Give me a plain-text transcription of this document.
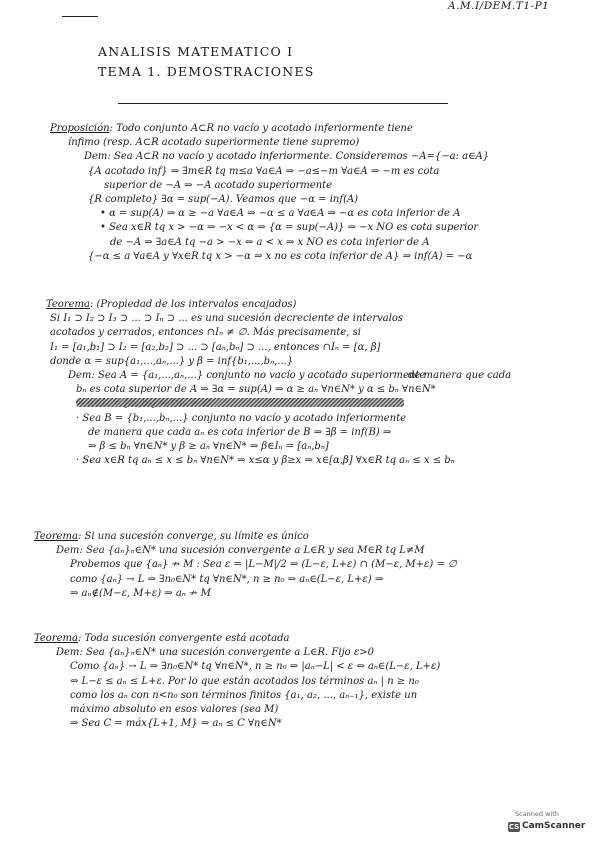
A.M.I/DEM.T1-P1
ANALISIS MATEMATICO I
TEMA 1. DEMOSTRACIONES
Proposición: Todo conjunto A⊂R no vacío y acotado inferiormente tiene
ínfimo (resp. A⊂R acotado superiormente tiene supremo)
Dem: Sea A⊂R no vacío y acotado inferiormente. Consideremos −A={−a: a∈A}
{A acotado inf} ⇒ ∃m∈R tq m≤a ∀a∈A ⇒ −a≤−m ∀a∈A ⇒ −m es cota
superior de −A ⇒ −A acotado superiormente
{R completo} ∃α = sup(−A). Veamos que −α = inf(A)
• α = sup(A) ⇒ α ≥ −a ∀a∈A ⇒ −α ≤ a ∀a∈A ⇒ −α es cota inferior de A
• Sea x∈R tq x > −α ⇒ −x < α ⇒ {α = sup(−A)} ⇒ −x NO es cota superior
de −A ⇒ ∃a∈A tq −a > −x ⇔ a < x ⇒ x NO es cota inferior de A
{−α ≤ a ∀a∈A y ∀x∈R tq x > −α ⇒ x no es cota inferior de A} ⇒ inf(A) = −α
Teorema: (Propiedad de los intervalos encajados)
Si I₁ ⊃ I₂ ⊃ I₃ ⊃ ... ⊃ Iₙ ⊃ ... es una sucesión decreciente de intervalos
acotados y cerrados, entonces ∩Iₙ ≠ ∅. Más precisamente, si
I₁ = [a₁,b₁] ⊃ I₂ = [a₂,b₂] ⊃ ... ⊃ [aₙ,bₙ] ⊃ ..., entonces ∩Iₙ = [α, β]
donde α = sup{a₁,...,aₙ,...} y β = inf{b₁,...,bₙ,...}
Dem: Sea A = {a₁,...,aₙ,...} conjunto no vacío y acotado superiormente
de manera que cada
bₙ es cota superior de A ⇒ ∃α = sup(A) ⇒ α ≥ aₙ ∀n∈N* y α ≤ bₙ ∀n∈N*
· Sea B = {b₁,...,bₙ,...} conjunto no vacío y acotado inferiormente
de manera que cada aₙ es cota inferior de B ⇒ ∃β = inf(B) ⇒
⇒ β ≤ bₙ ∀n∈N* y β ≥ aₙ ∀n∈N* ⇒ β∈Iₙ = [aₙ,bₙ]
· Sea x∈R tq aₙ ≤ x ≤ bₙ ∀n∈N* ⇒ x≤α y β≥x ⇒ x∈[α,β] ∀x∈R tq aₙ ≤ x ≤ bₙ
Teorema: Si una sucesión converge, su límite es único
Dem: Sea {aₙ}ₙ∈N* una sucesión convergente a L∈R y sea M∈R tq L≠M
Probemos que {aₙ} ↛ M : Sea ε = |L−M|/2 ⇒ (L−ε, L+ε) ∩ (M−ε, M+ε) = ∅
como {aₙ} → L ⇒ ∃n₀∈N* tq ∀n∈N*, n ≥ n₀ ⇒ aₙ∈(L−ε, L+ε) ⇒
⇒ aₙ∉(M−ε, M+ε) ⇒ aₙ ↛ M
Teorema: Toda sucesión convergente está acotada
Dem: Sea {aₙ}ₙ∈N* una sucesión convergente a L∈R. Fijo ε>0
Como {aₙ} → L ⇒ ∃n₀∈N* tq ∀n∈N*, n ≥ n₀ ⇒ |aₙ−L| < ε ⇔ aₙ∈(L−ε, L+ε)
⇔ L−ε ≤ aₙ ≤ L+ε. Por lo que están acotados los términos aₙ | n ≥ n₀
como los aₙ con n<n₀ son términos finitos {a₁, a₂, ..., aₙ₋₁}, existe un
máximo absoluto en esos valores (sea M)
⇒ Sea C = máx{L+1, M} ⇒ aₙ ≤ C ∀n∈N*
Scanned with
CS CamScanner
